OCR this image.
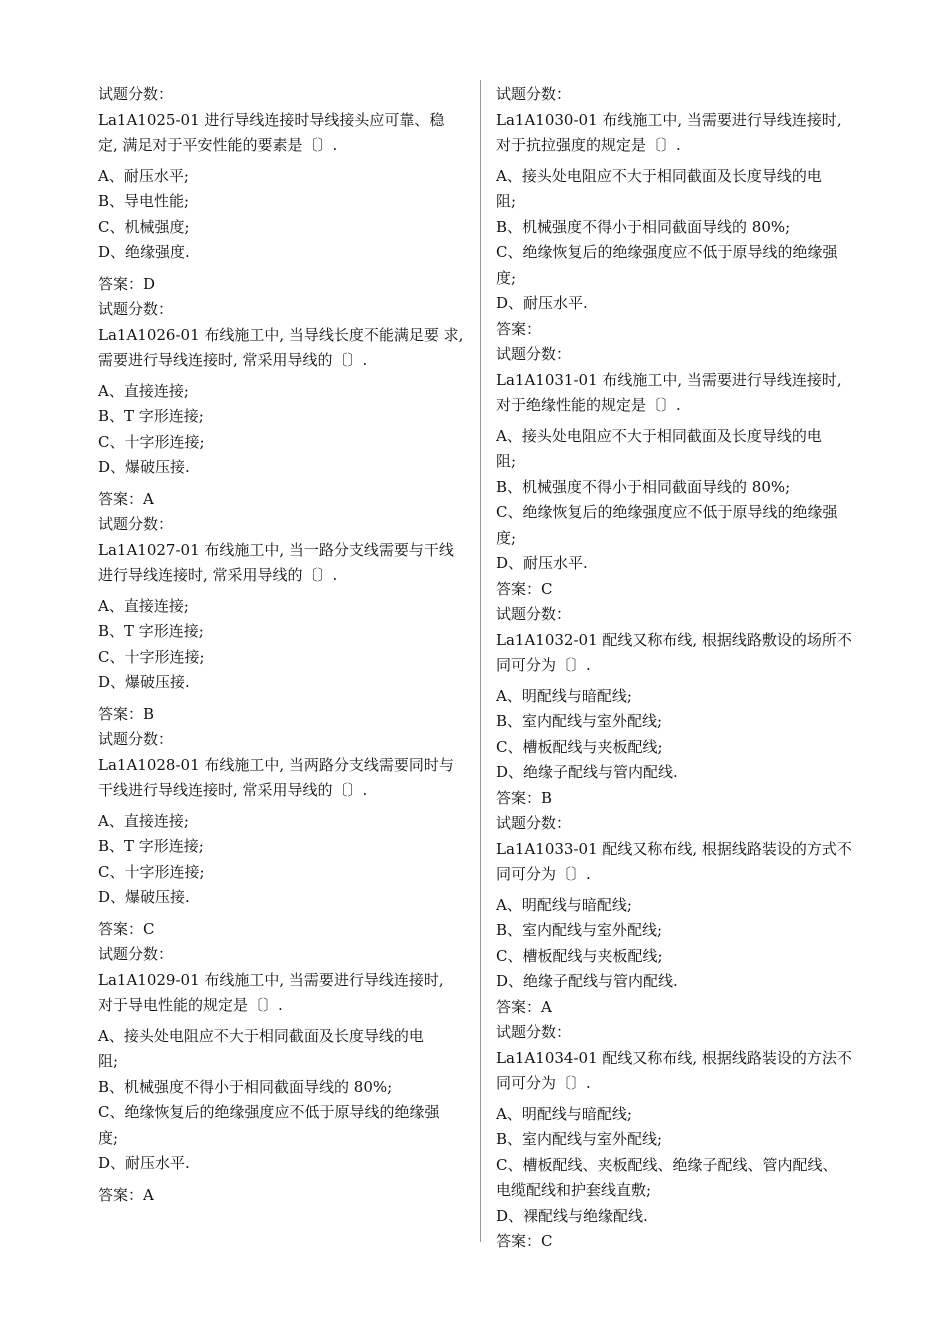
试题分数：
La1A1025-01 进行导线连接时导线接头应可靠、稳
定, 满足对于平安性能的要素是〔〕.
A、耐压水平;
B、导电性能;
C、机械强度;
D、绝缘强度.
答案：D
试题分数：
La1A1026-01 布线施工中, 当导线长度不能满足要 求,
需要进行导线连接时, 常采用导线的〔〕.
A、直接连接;
B、T 字形连接;
C、十字形连接;
D、爆破压接.
答案：A
试题分数：
La1A1027-01 布线施工中, 当一路分支线需要与干线
进行导线连接时, 常采用导线的〔〕.
A、直接连接;
B、T 字形连接;
C、十字形连接;
D、爆破压接.
答案：B
试题分数：
La1A1028-01 布线施工中, 当两路分支线需要同时与
干线进行导线连接时, 常采用导线的〔〕.
A、直接连接;
B、T 字形连接;
C、十字形连接;
D、爆破压接.
答案：C
试题分数：
La1A1029-01 布线施工中, 当需要进行导线连接时,
对于导电性能的规定是〔〕.
A、接头处电阻应不大于相同截面及长度导线的电
阻;
B、机械强度不得小于相同截面导线的 80%;
C、绝缘恢复后的绝缘强度应不低于原导线的绝缘强
度;
D、耐压水平.
答案：A
试题分数：
La1A1030-01 布线施工中, 当需要进行导线连接时,
对于抗拉强度的规定是〔〕.
A、接头处电阻应不大于相同截面及长度导线的电
阻;
B、机械强度不得小于相同截面导线的 80%;
C、绝缘恢复后的绝缘强度应不低于原导线的绝缘强
度;
D、耐压水平.
答案：
试题分数：
La1A1031-01 布线施工中, 当需要进行导线连接时,
对于绝缘性能的规定是〔〕.
A、接头处电阻应不大于相同截面及长度导线的电
阻;
B、机械强度不得小于相同截面导线的 80%;
C、绝缘恢复后的绝缘强度应不低于原导线的绝缘强
度;
D、耐压水平.
答案：C
试题分数：
La1A1032-01 配线又称布线, 根据线路敷设的场所不
同可分为〔〕.
A、明配线与暗配线;
B、室内配线与室外配线;
C、槽板配线与夹板配线;
D、绝缘子配线与管内配线.
答案：B
试题分数：
La1A1033-01 配线又称布线, 根据线路装设的方式不
同可分为〔〕.
A、明配线与暗配线;
B、室内配线与室外配线;
C、槽板配线与夹板配线;
D、绝缘子配线与管内配线.
答案：A
试题分数：
La1A1034-01 配线又称布线, 根据线路装设的方法不
同可分为〔〕.
A、明配线与暗配线;
B、室内配线与室外配线;
C、槽板配线、夹板配线、绝缘子配线、管内配线、
电缆配线和护套线直敷;
D、裸配线与绝缘配线.
答案：C
